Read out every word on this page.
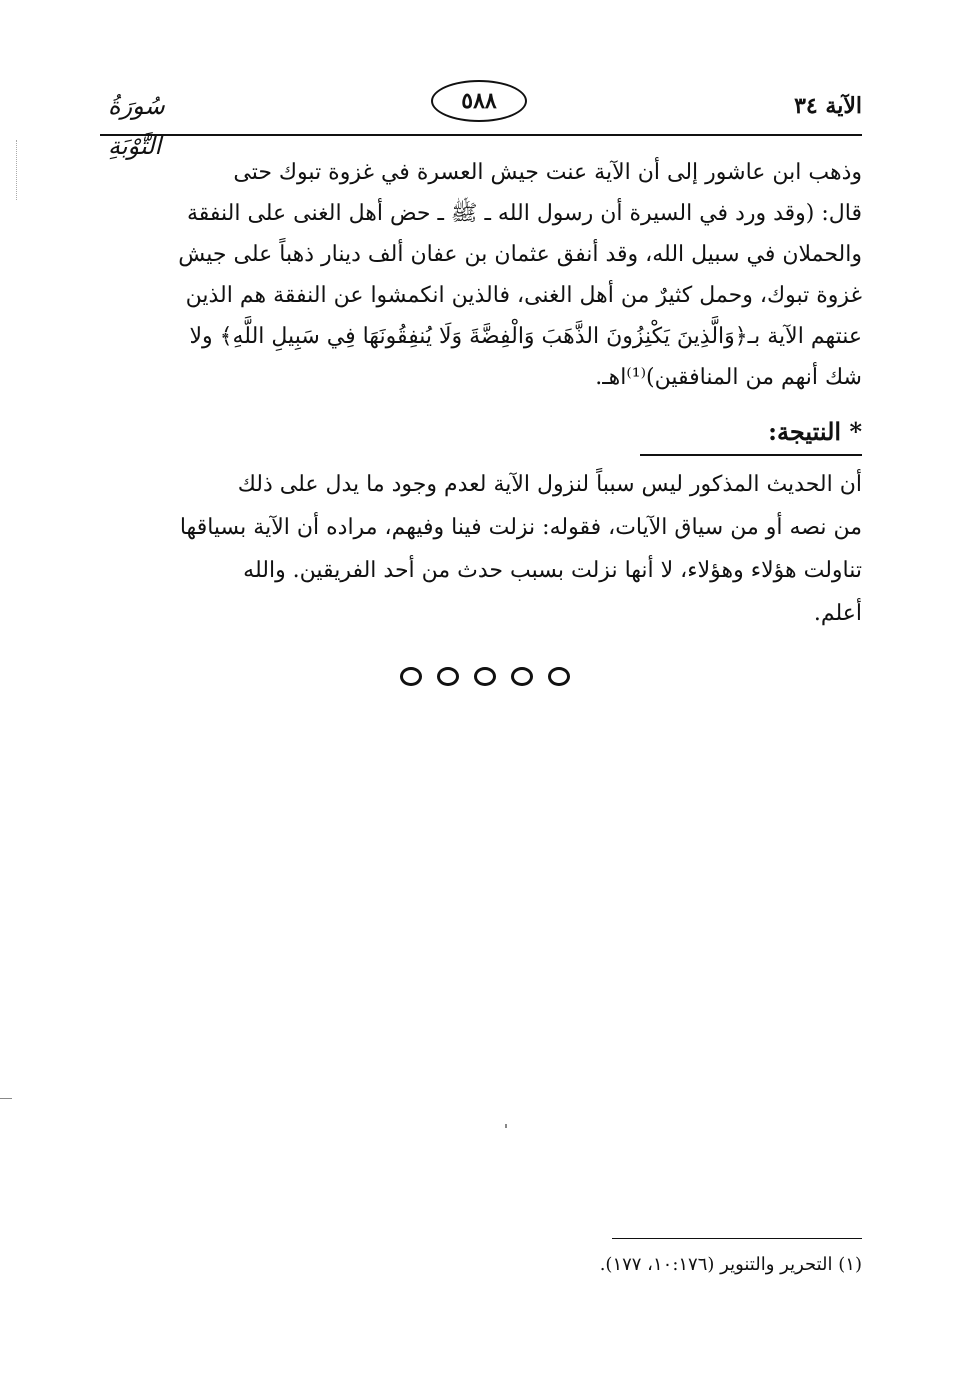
سُورَةُ التَّوْبَةِ
٥٨٨	الآية ٣٤
وذهب ابن عاشور إلى أن الآية عنت جيش العسرة في غزوة تبوك حتى
قال: (وقد ورد في السيرة أن رسول الله ـ ﷺ ـ حض أهل الغنى على النفقة
والحملان في سبيل الله، وقد أنفق عثمان بن عفان ألف دينار ذهباً على جيش
غزوة تبوك، وحمل كثيرٌ من أهل الغنى، فالذين انكمشوا عن النفقة هم الذين
عنتهم الآية بـ﴿وَالَّذِينَ يَكْنِزُونَ الذَّهَبَ وَالْفِضَّةَ وَلَا يُنفِقُونَهَا فِي سَبِيلِ اللَّهِ﴾ ولا
شك أنهم من المنافقين)⁽¹⁾اهـ.
* النتيجة:
أن الحديث المذكور ليس سبباً لنزول الآية لعدم وجود ما يدل على ذلك
من نصه أو من سياق الآيات، فقوله: نزلت فينا وفيهم، مراده أن الآية بسياقها
تناولت هؤلاء وهؤلاء، لا أنها نزلت بسبب حدث من أحد الفريقين. والله
أعلم.
(١) التحرير والتنوير (١٠:١٧٦، ١٧٧).
